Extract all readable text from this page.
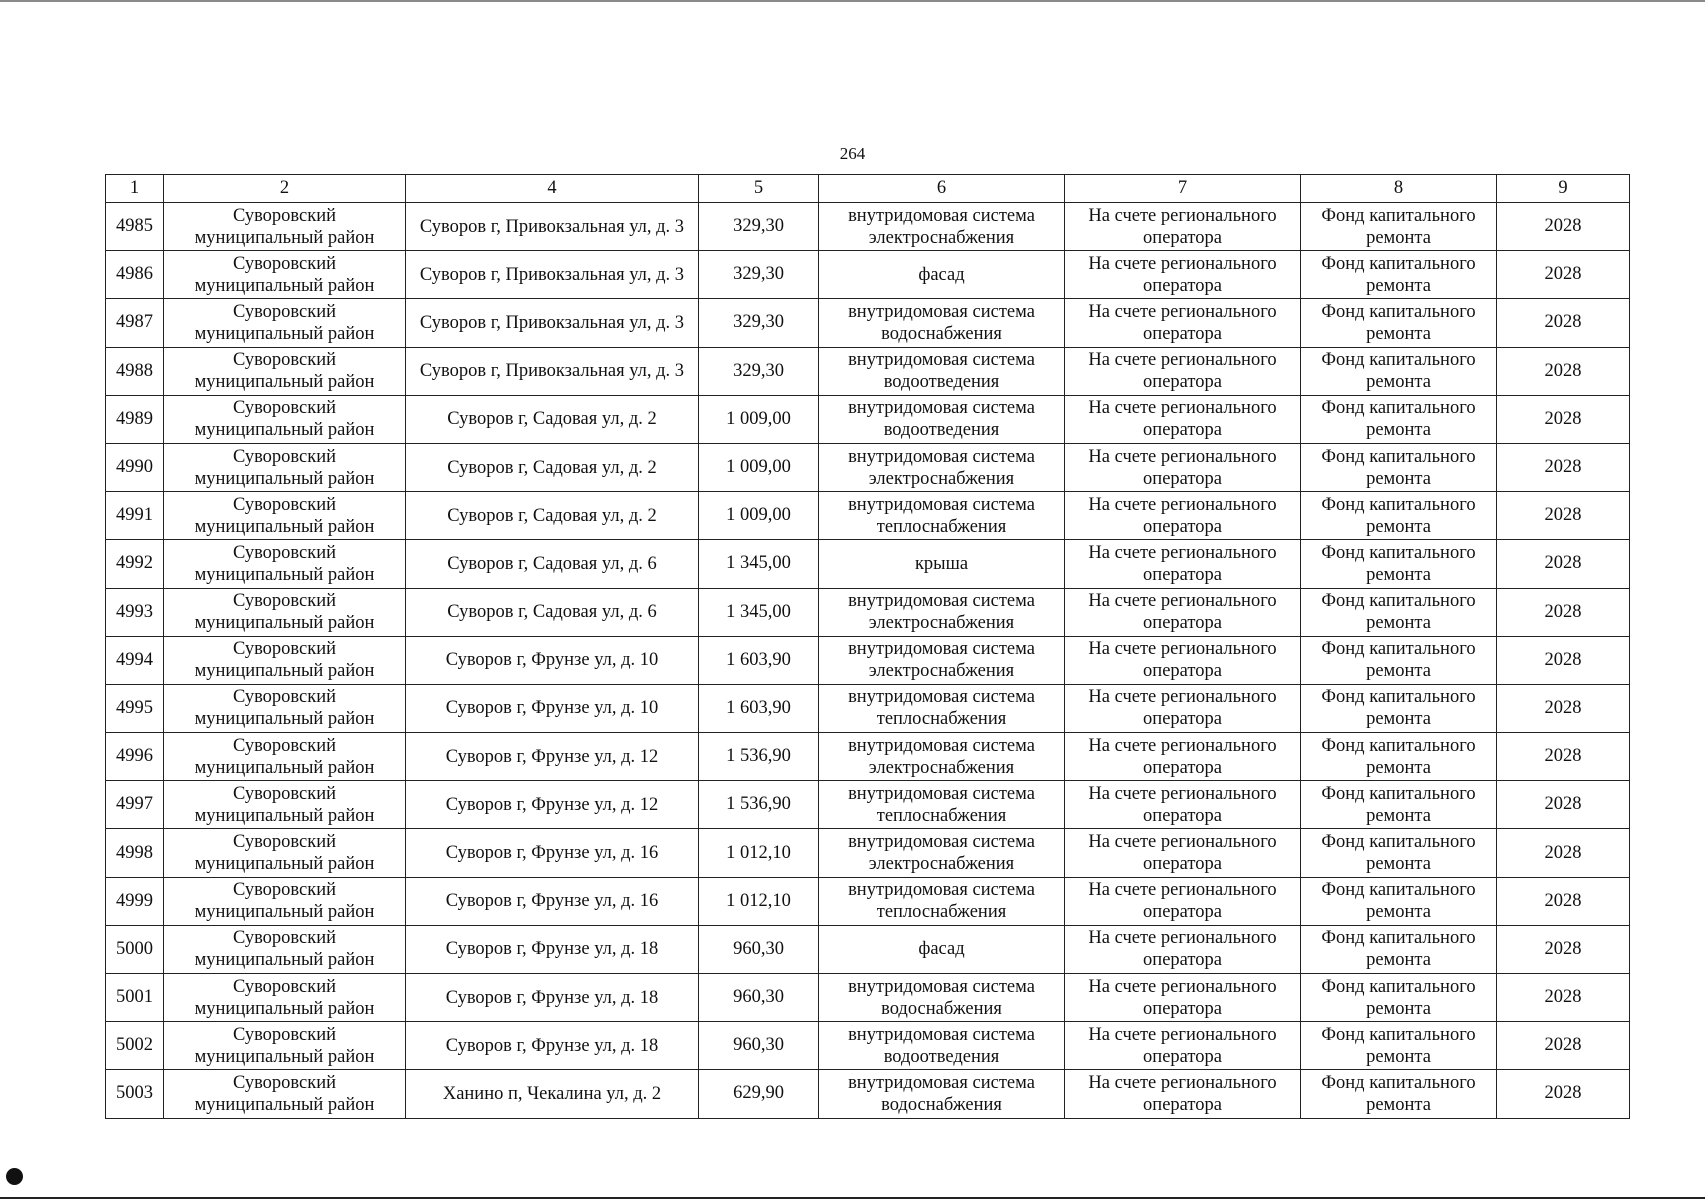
264
1	2	4	5	6	7	8	9
4985	Суворовский муниципальный район	Суворов г, Привокзальная ул, д. 3	329,30	внутридомовая система электроснабжения	На счете регионального оператора	Фонд капитального ремонта	2028
4986	Суворовский муниципальный район	Суворов г, Привокзальная ул, д. 3	329,30	фасад	На счете регионального оператора	Фонд капитального ремонта	2028
4987	Суворовский муниципальный район	Суворов г, Привокзальная ул, д. 3	329,30	внутридомовая система водоснабжения	На счете регионального оператора	Фонд капитального ремонта	2028
4988	Суворовский муниципальный район	Суворов г, Привокзальная ул, д. 3	329,30	внутридомовая система водоотведения	На счете регионального оператора	Фонд капитального ремонта	2028
4989	Суворовский муниципальный район	Суворов г, Садовая ул, д. 2	1 009,00	внутридомовая система водоотведения	На счете регионального оператора	Фонд капитального ремонта	2028
4990	Суворовский муниципальный район	Суворов г, Садовая ул, д. 2	1 009,00	внутридомовая система электроснабжения	На счете регионального оператора	Фонд капитального ремонта	2028
4991	Суворовский муниципальный район	Суворов г, Садовая ул, д. 2	1 009,00	внутридомовая система теплоснабжения	На счете регионального оператора	Фонд капитального ремонта	2028
4992	Суворовский муниципальный район	Суворов г, Садовая ул, д. 6	1 345,00	крыша	На счете регионального оператора	Фонд капитального ремонта	2028
4993	Суворовский муниципальный район	Суворов г, Садовая ул, д. 6	1 345,00	внутридомовая система электроснабжения	На счете регионального оператора	Фонд капитального ремонта	2028
4994	Суворовский муниципальный район	Суворов г, Фрунзе ул, д. 10	1 603,90	внутридомовая система электроснабжения	На счете регионального оператора	Фонд капитального ремонта	2028
4995	Суворовский муниципальный район	Суворов г, Фрунзе ул, д. 10	1 603,90	внутридомовая система теплоснабжения	На счете регионального оператора	Фонд капитального ремонта	2028
4996	Суворовский муниципальный район	Суворов г, Фрунзе ул, д. 12	1 536,90	внутридомовая система электроснабжения	На счете регионального оператора	Фонд капитального ремонта	2028
4997	Суворовский муниципальный район	Суворов г, Фрунзе ул, д. 12	1 536,90	внутридомовая система теплоснабжения	На счете регионального оператора	Фонд капитального ремонта	2028
4998	Суворовский муниципальный район	Суворов г, Фрунзе ул, д. 16	1 012,10	внутридомовая система электроснабжения	На счете регионального оператора	Фонд капитального ремонта	2028
4999	Суворовский муниципальный район	Суворов г, Фрунзе ул, д. 16	1 012,10	внутридомовая система теплоснабжения	На счете регионального оператора	Фонд капитального ремонта	2028
5000	Суворовский муниципальный район	Суворов г, Фрунзе ул, д. 18	960,30	фасад	На счете регионального оператора	Фонд капитального ремонта	2028
5001	Суворовский муниципальный район	Суворов г, Фрунзе ул, д. 18	960,30	внутридомовая система водоснабжения	На счете регионального оператора	Фонд капитального ремонта	2028
5002	Суворовский муниципальный район	Суворов г, Фрунзе ул, д. 18	960,30	внутридомовая система водоотведения	На счете регионального оператора	Фонд капитального ремонта	2028
5003	Суворовский муниципальный район	Ханино п, Чекалина ул, д. 2	629,90	внутридомовая система водоснабжения	На счете регионального оператора	Фонд капитального ремонта	2028
